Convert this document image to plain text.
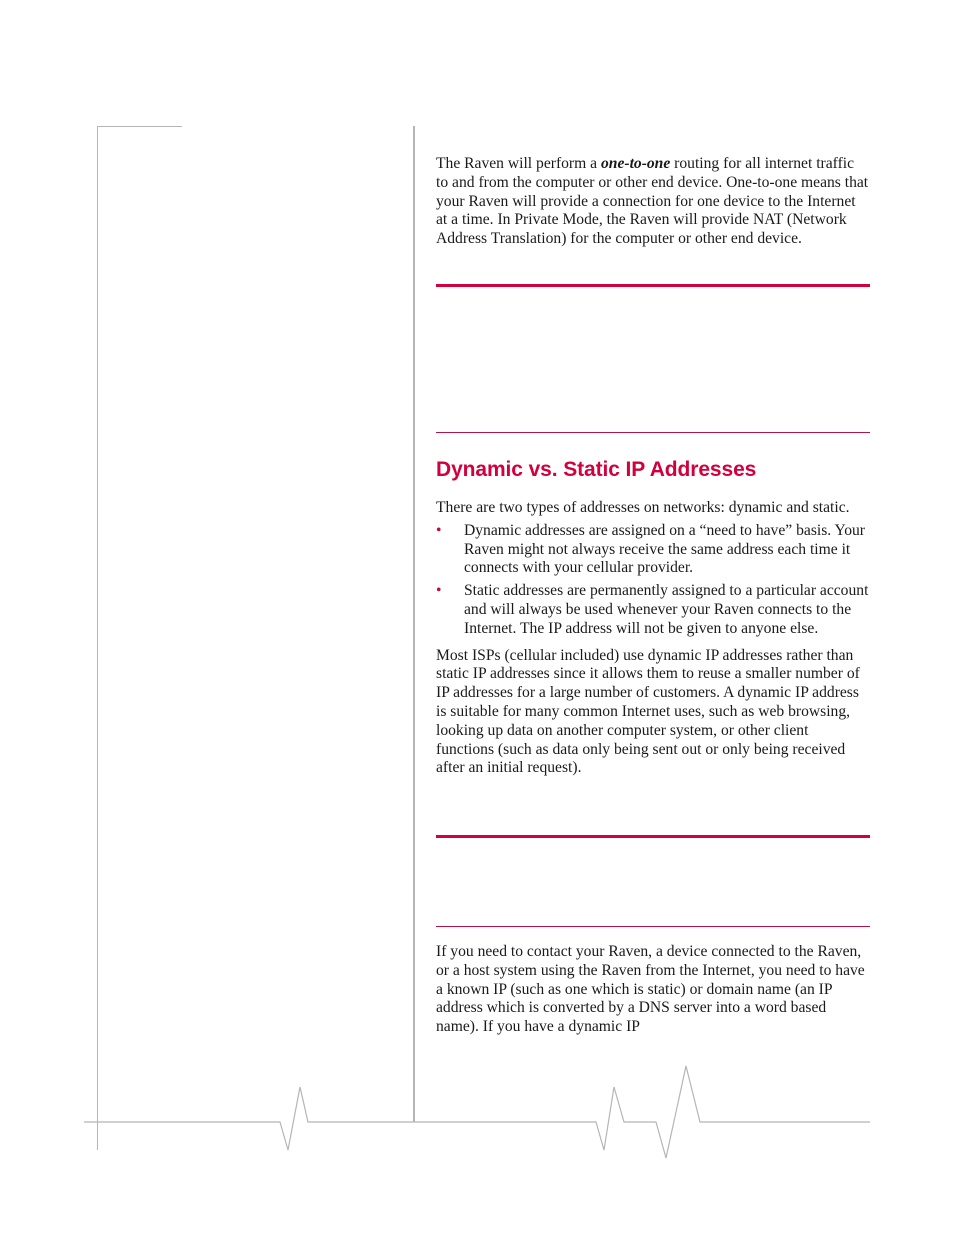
The Raven will perform a one-to-one routing for all internet traffic to and from the computer or other end device. One-to-one means that your Raven will provide a connection for one device to the Internet at a time. In Private Mode, the Raven will provide NAT (Network Address Translation) for the computer or other end device.

Dynamic vs. Static IP Addresses

There are two types of addresses on networks: dynamic and static.

• Dynamic addresses are assigned on a “need to have” basis. Your Raven might not always receive the same address each time it connects with your cellular provider.
• Static addresses are permanently assigned to a particular account and will always be used whenever your Raven connects to the Internet. The IP address will not be given to anyone else.

Most ISPs (cellular included) use dynamic IP addresses rather than static IP addresses since it allows them to reuse a smaller number of IP addresses for a large number of customers. A dynamic IP address is suitable for many common Internet uses, such as web browsing, looking up data on another computer system, or other client functions (such as data only being sent out or only being received after an initial request).

If you need to contact your Raven, a device connected to the Raven, or a host system using the Raven from the Internet, you need to have a known IP (such as one which is static) or domain name (an IP address which is converted by a DNS server into a word based name). If you have a dynamic IP
